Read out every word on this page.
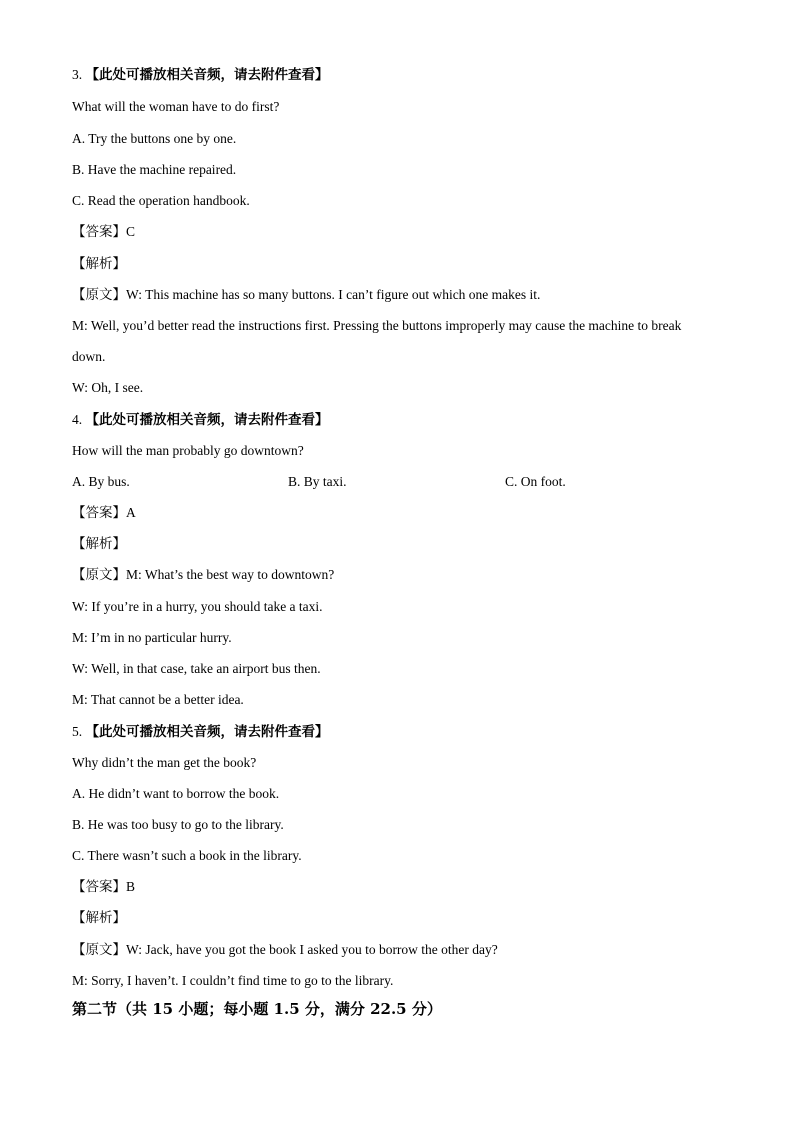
3. 【此处可播放相关音频，请去附件查看】
What will the woman have to do first?
A. Try the buttons one by one.
B. Have the machine repaired.
C. Read the operation handbook.
【答案】C
【解析】
【原文】W: This machine has so many buttons. I can’t figure out which one makes it.
M: Well, you’d better read the instructions first. Pressing the buttons improperly may cause the machine to break
down.
W: Oh, I see.
4. 【此处可播放相关音频，请去附件查看】
How will the man probably go downtown?
A. By bus.	B. By taxi.	C. On foot.
【答案】A
【解析】
【原文】M: What’s the best way to downtown?
W: If you’re in a hurry, you should take a taxi.
M: I’m in no particular hurry.
W: Well, in that case, take an airport bus then.
M: That cannot be a better idea.
5. 【此处可播放相关音频，请去附件查看】
Why didn’t the man get the book?
A. He didn’t want to borrow the book.
B. He was too busy to go to the library.
C. There wasn’t such a book in the library.
【答案】B
【解析】
【原文】W: Jack, have you got the book I asked you to borrow the other day?
M: Sorry, I haven’t. I couldn’t find time to go to the library.
第二节（共 15 小题；每小题 1.5 分，满分 22.5 分）
